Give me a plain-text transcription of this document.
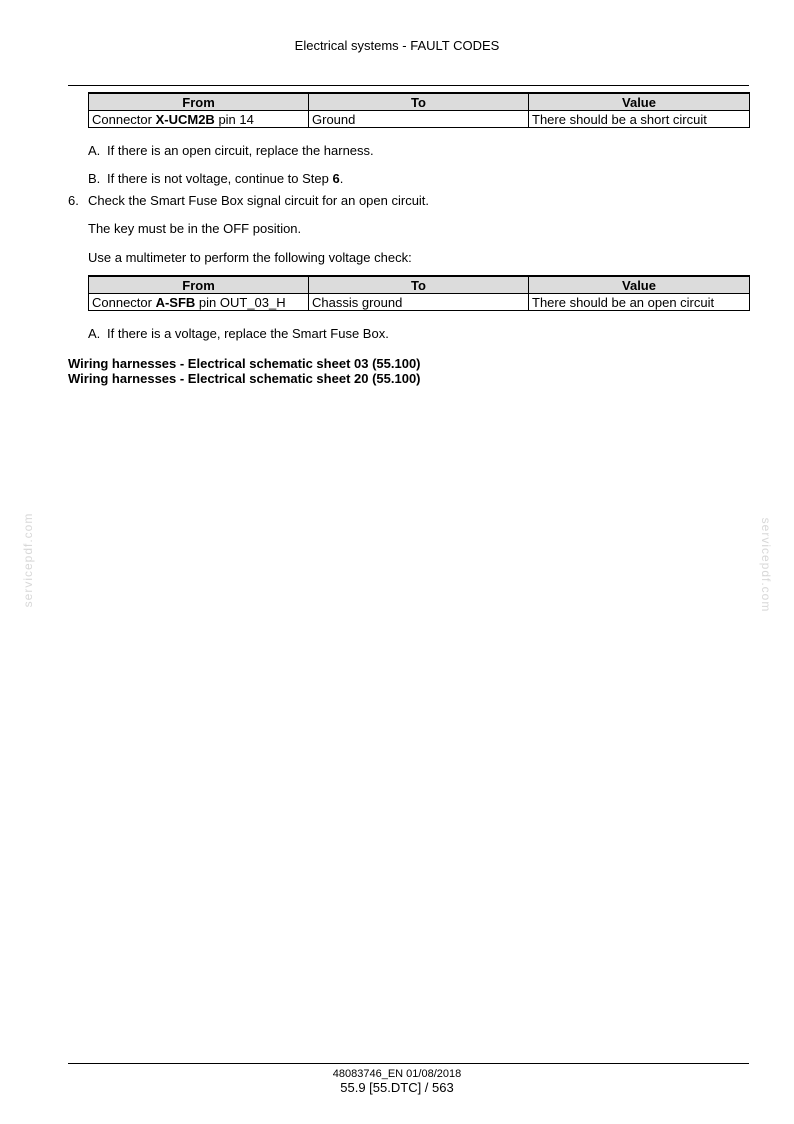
Electrical systems - FAULT CODES
From	To	Value
Connector X-UCM2B pin 14	Ground	There should be a short circuit
A. If there is an open circuit, replace the harness.
B. If there is not voltage, continue to Step 6.
6. Check the Smart Fuse Box signal circuit for an open circuit.
The key must be in the OFF position.
Use a multimeter to perform the following voltage check:
From	To	Value
Connector A-SFB pin OUT_03_H	Chassis ground	There should be an open circuit
A. If there is a voltage, replace the Smart Fuse Box.
Wiring harnesses - Electrical schematic sheet 03 (55.100)
Wiring harnesses - Electrical schematic sheet 20 (55.100)
servicepdf.com	servicepdf.com
48083746_EN 01/08/2018
55.9 [55.DTC] / 563
